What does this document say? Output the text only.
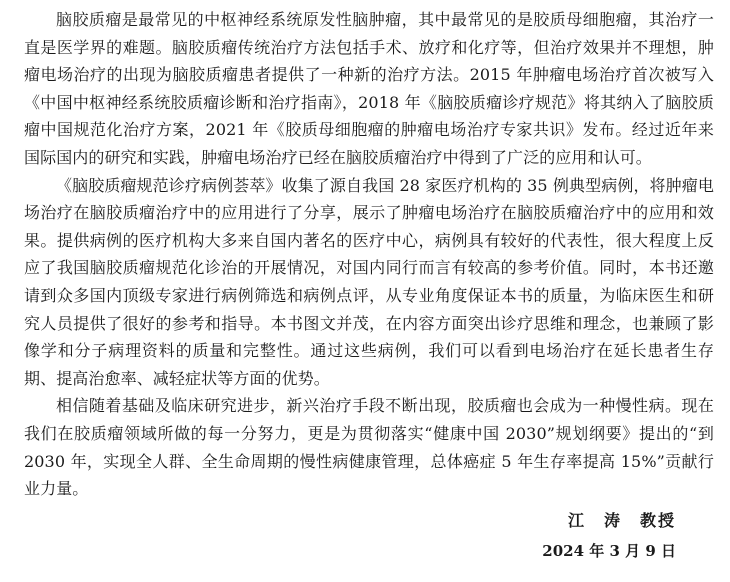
脑胶质瘤是最常见的中枢神经系统原发性脑肿瘤，其中最常见的是胶质母细胞瘤，其治疗一直是医学界的难题。脑胶质瘤传统治疗方法包括手术、放疗和化疗等，但治疗效果并不理想，肿瘤电场治疗的出现为脑胶质瘤患者提供了一种新的治疗方法。2015 年肿瘤电场治疗首次被写入《中国中枢神经系统胶质瘤诊断和治疗指南》，2018 年《脑胶质瘤诊疗规范》将其纳入了脑胶质瘤中国规范化治疗方案，2021 年《胶质母细胞瘤的肿瘤电场治疗专家共识》发布。经过近年来国际国内的研究和实践，肿瘤电场治疗已经在脑胶质瘤治疗中得到了广泛的应用和认可。

《脑胶质瘤规范诊疗病例荟萃》收集了源自我国 28 家医疗机构的 35 例典型病例，将肿瘤电场治疗在脑胶质瘤治疗中的应用进行了分享，展示了肿瘤电场治疗在脑胶质瘤治疗中的应用和效果。提供病例的医疗机构大多来自国内著名的医疗中心，病例具有较好的代表性，很大程度上反应了我国脑胶质瘤规范化诊治的开展情况，对国内同行而言有较高的参考价值。同时，本书还邀请到众多国内顶级专家进行病例筛选和病例点评，从专业角度保证本书的质量，为临床医生和研究人员提供了很好的参考和指导。本书图文并茂，在内容方面突出诊疗思维和理念，也兼顾了影像学和分子病理资料的质量和完整性。通过这些病例，我们可以看到电场治疗在延长患者生存期、提高治愈率、减轻症状等方面的优势。

相信随着基础及临床研究进步，新兴治疗手段不断出现，胶质瘤也会成为一种慢性病。现在我们在胶质瘤领域所做的每一分努力，更是为贯彻落实“健康中国 2030”规划纲要》提出的“到 2030 年，实现全人群、全生命周期的慢性病健康管理，总体癌症 5 年生存率提高 15%”贡献行业力量。

江　涛　教授
2024 年 3 月 9 日
